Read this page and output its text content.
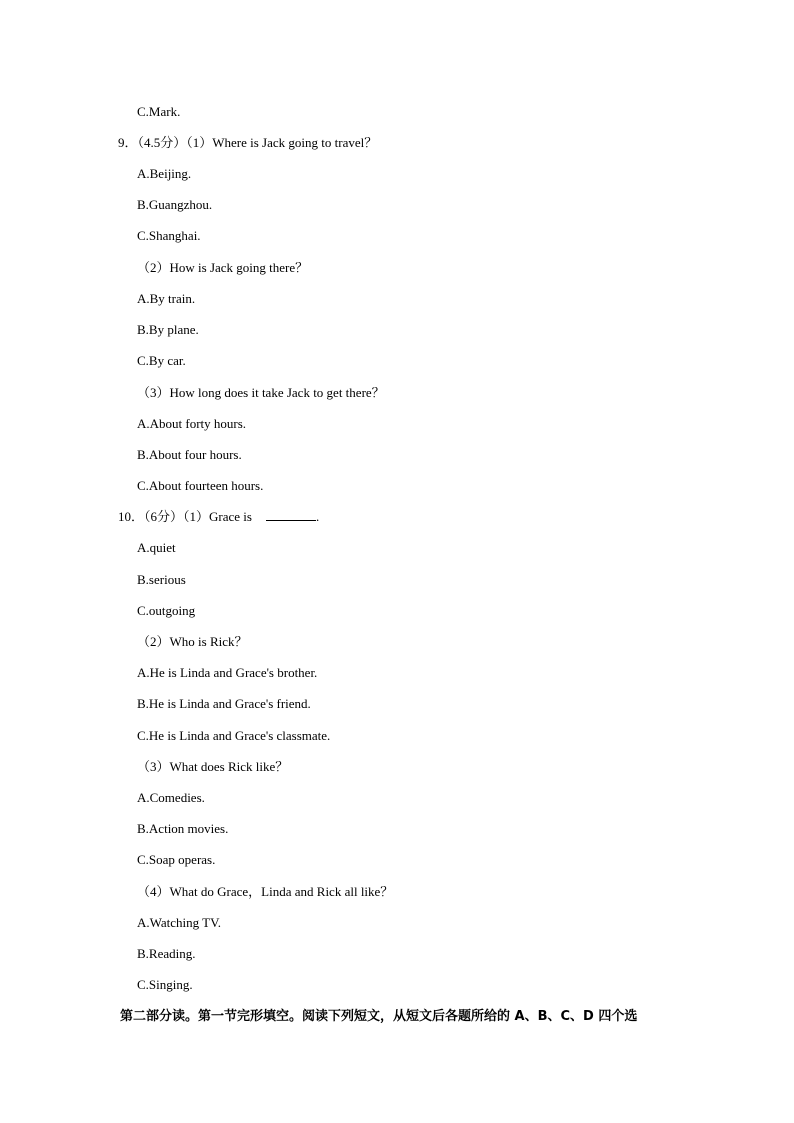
C.Mark.
9．（4.5分）（1）Where is Jack going to travel？
A.Beijing.
B.Guangzhou.
C.Shanghai.
（2）How is Jack going there？
A.By train.
B.By plane.
C.By car.
（3）How long does it take Jack to get there？
A.About forty hours.
B.About four hours.
C.About fourteen hours.
10．（6分）（1）Grace is	.
A.quiet
B.serious
C.outgoing
（2）Who is Rick？
A.He is Linda and Grace's brother.
B.He is Linda and Grace's friend.
C.He is Linda and Grace's classmate.
（3）What does Rick like？
A.Comedies.
B.Action movies.
C.Soap operas.
（4）What do Grace，Linda and Rick all like？
A.Watching TV.
B.Reading.
C.Singing.
第二部分读。第一节完形填空。阅读下列短文，从短文后各题所给的 A、B、C、D 四个选
